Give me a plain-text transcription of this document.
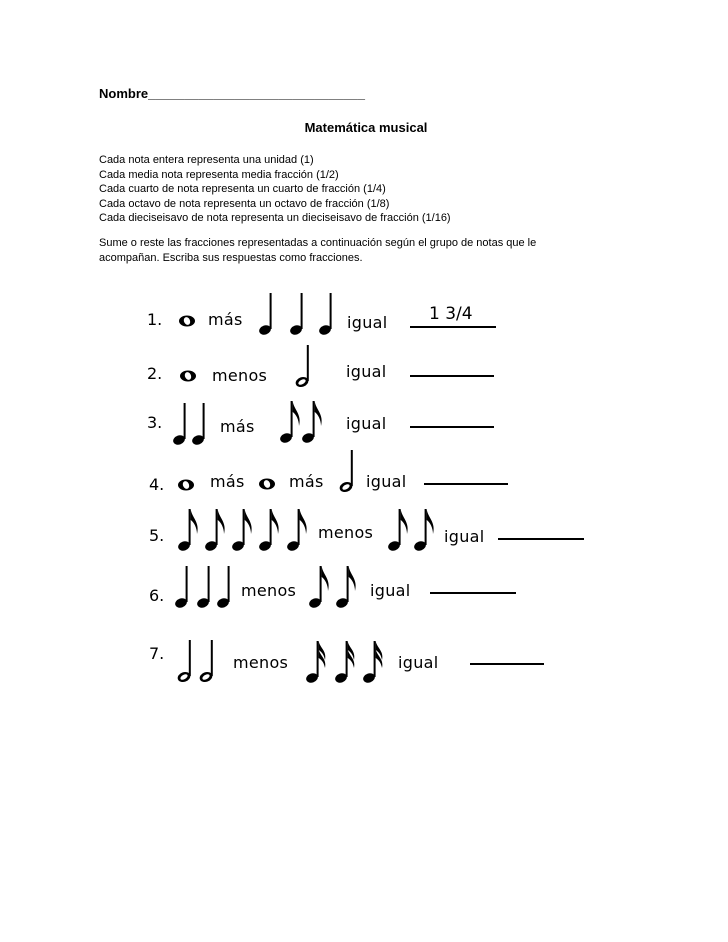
Nombre______________________________
Matemática musical
Cada nota entera representa una unidad (1)
Cada media nota representa media fracción (1/2)
Cada cuarto de nota representa un cuarto de fracción (1/4)
Cada octavo de nota representa un octavo de fracción (1/8)
Cada dieciseisavo de nota representa un dieciseisavo de fracción (1/16)
Sume o reste las fracciones representadas a continuación según el grupo de notas que le acompañan. Escriba sus respuestas como fracciones.
1.	más	igual 1 3/4
2.	menos	igual
3.	más	igual
4.	más	más	igual
5.	menos	igual
6.	menos	igual
7.	menos	igual
